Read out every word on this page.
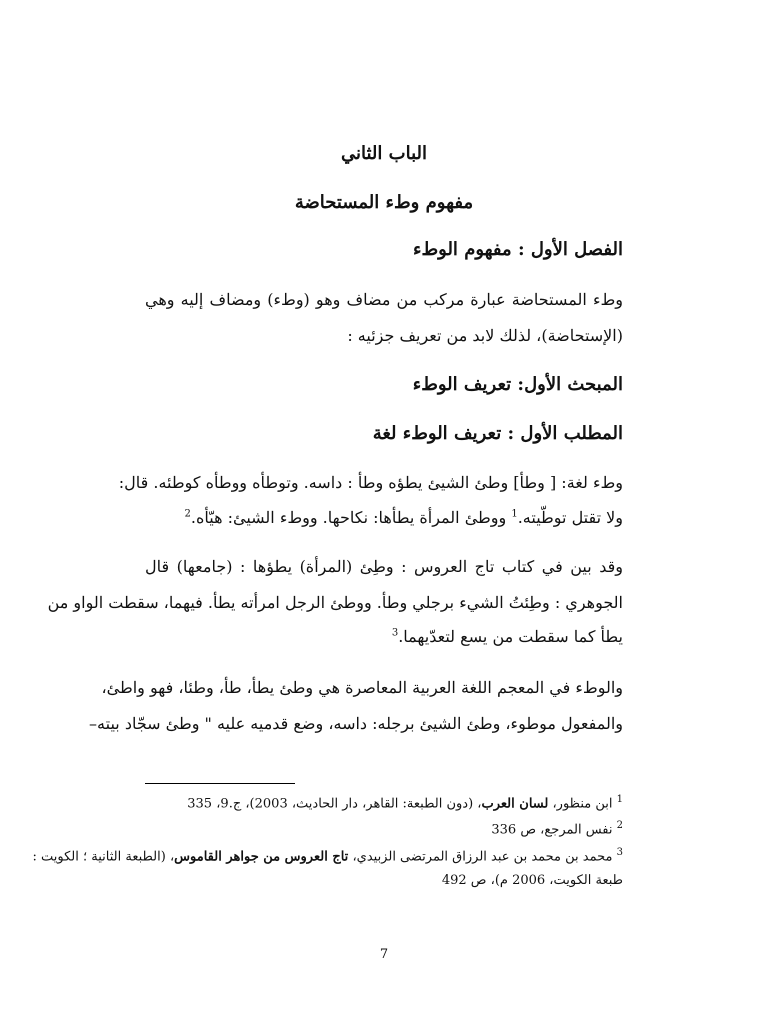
الباب الثاني
مفهوم وطء المستحاضة
الفصل الأول : مفهوم الوطء
وطء المستحاضة عبارة مركب من مضاف وهو (وطء) ومضاف إليه وهي
(الإستحاضة)، لذلك لابد من تعريف جزئيه :
المبحث الأول: تعريف الوطء
المطلب الأول : تعريف الوطء لغة
وطء لغة: [ وطأ] وطئ الشيئ يطؤه وطأ : داسه. وتوطأه ووطأه كوطئه. قال:
ولا تقتل توطّيته.$^1$ ووطئ المرأة يطأها: نكاحها. ووطء الشيئ: هيّأه.$^2$
وقد بين في كتاب تاج العروس : وطِئ (المرأة) يطؤها : (جامعها) قال
الجوهري : وطِئتُ الشيء برجلي وطأ. ووطئ الرجل امرأته يطأ. فيهما، سقطت الواو من
يطأ كما سقطت من يسع لتعدّيهما.$^3$
والوطء في المعجم اللغة العربية المعاصرة هي وطئ يطأ، طأ، وطئا، فهو واطئ،
والمفعول موطوء، وطئ الشيئ برجله: داسه، وضع قدميه عليه " وطئ سجّاد بيته–
$^1$ ابن منظور، لسان العرب، (دون الطبعة: القاهر، دار الحاديث، 2003)، ج.9، 335
$^2$ نفس المرجع، ص 336
$^3$ محمد بن محمد بن عبد الرزاق المرتضى الزبيدي، تاج العروس من جواهر القاموس، (الطبعة الثانية ؛ الكويت :
طبعة الكويت، 2006 م)، ص 492
7
